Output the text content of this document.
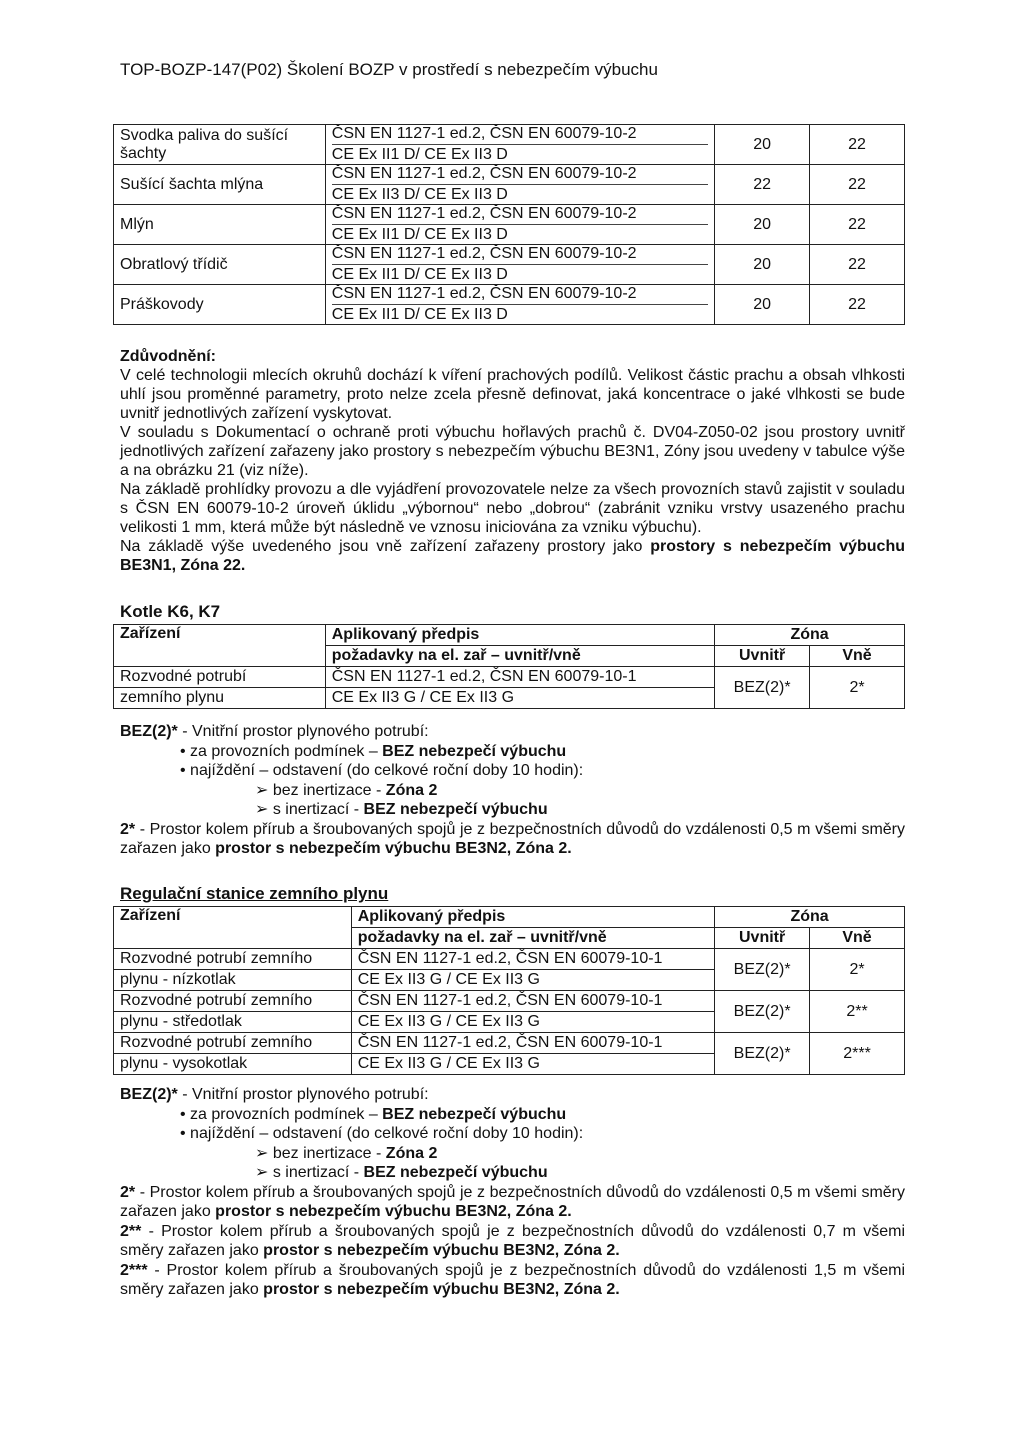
TOP-BOZP-147(P02) Školení BOZP v prostředí s nebezpečím výbuchu
Svodka paliva do sušící šachty	ČSN EN 1127-1 ed.2, ČSN EN 60079-10-2
CE Ex II1 D/ CE Ex II3 D	20	22
Sušící šachta mlýna	ČSN EN 1127-1 ed.2, ČSN EN 60079-10-2
CE Ex II3 D/ CE Ex II3 D	22	22
Mlýn	ČSN EN 1127-1 ed.2, ČSN EN 60079-10-2
CE Ex II1 D/ CE Ex II3 D	20	22
Obratlový třídič	ČSN EN 1127-1 ed.2, ČSN EN 60079-10-2
CE Ex II1 D/ CE Ex II3 D	20	22
Práškovody	ČSN EN 1127-1 ed.2, ČSN EN 60079-10-2
CE Ex II1 D/ CE Ex II3 D	20	22

Zdůvodnění:

V celé technologii mlecích okruhů dochází k víření prachových podílů. Velikost částic prachu a obsah vlhkosti uhlí jsou proměnné parametry, proto nelze zcela přesně definovat, jaká koncentrace o jaké vlhkosti se bude uvnitř jednotlivých zařízení vyskytovat.

V souladu s Dokumentací o ochraně proti výbuchu hořlavých prachů č. DV04-Z050-02 jsou prostory uvnitř jednotlivých zařízení zařazeny jako prostory s nebezpečím výbuchu BE3N1, Zóny jsou uvedeny v tabulce výše a na obrázku 21 (viz níže).

Na základě prohlídky provozu a dle vyjádření provozovatele nelze za všech provozních stavů zajistit v souladu s ČSN EN 60079-10-2 úroveň úklidu „výbornou“ nebo „dobrou“ (zabránit vzniku vrstvy usazeného prachu velikosti 1 mm, která může být následně ve vznosu iniciována za vzniku výbuchu).

Na základě výše uvedeného jsou vně zařízení zařazeny prostory jako prostory s nebezpečím výbuchu BE3N1, Zóna 22.

Kotle K6, K7
Zařízení	Aplikovaný předpis	Zóna	
	požadavky na el. zař – uvnitř/vně	Uvnitř	Vně
Rozvodné potrubí	ČSN EN 1127-1 ed.2, ČSN EN 60079-10-1	BEZ(2)*	2*
zemního plynu	CE Ex II3 G / CE Ex II3 G		
BEZ(2)* - Vnitřní prostor plynového potrubí:
• za provozních podmínek – BEZ nebezpečí výbuchu
• najíždění – odstavení (do celkové roční doby 10 hodin):
➢ bez inertizace - Zóna 2
➢ s inertizací - BEZ nebezpečí výbuchu
2* - Prostor kolem přírub a šroubovaných spojů je z bezpečnostních důvodů do vzdálenosti 0,5 m všemi směry zařazen jako prostor s nebezpečím výbuchu BE3N2, Zóna 2.
Regulační stanice zemního plynu
Zařízení	Aplikovaný předpis	Zóna	
	požadavky na el. zař – uvnitř/vně	Uvnitř	Vně
Rozvodné potrubí zemního	ČSN EN 1127-1 ed.2, ČSN EN 60079-10-1	BEZ(2)*	2*
plynu - nízkotlak	CE Ex II3 G / CE Ex II3 G		
Rozvodné potrubí zemního	ČSN EN 1127-1 ed.2, ČSN EN 60079-10-1	BEZ(2)*	2**
plynu - středotlak	CE Ex II3 G / CE Ex II3 G		
Rozvodné potrubí zemního	ČSN EN 1127-1 ed.2, ČSN EN 60079-10-1	BEZ(2)*	2***
plynu - vysokotlak	CE Ex II3 G / CE Ex II3 G		
BEZ(2)* - Vnitřní prostor plynového potrubí:
• za provozních podmínek – BEZ nebezpečí výbuchu
• najíždění – odstavení (do celkové roční doby 10 hodin):
➢ bez inertizace - Zóna 2
➢ s inertizací - BEZ nebezpečí výbuchu
2* - Prostor kolem přírub a šroubovaných spojů je z bezpečnostních důvodů do vzdálenosti 0,5 m všemi směry zařazen jako prostor s nebezpečím výbuchu BE3N2, Zóna 2.
2** - Prostor kolem přírub a šroubovaných spojů je z bezpečnostních důvodů do vzdálenosti 0,7 m všemi směry zařazen jako prostor s nebezpečím výbuchu BE3N2, Zóna 2.
2*** - Prostor kolem přírub a šroubovaných spojů je z bezpečnostních důvodů do vzdálenosti 1,5 m všemi směry zařazen jako prostor s nebezpečím výbuchu BE3N2, Zóna 2.
